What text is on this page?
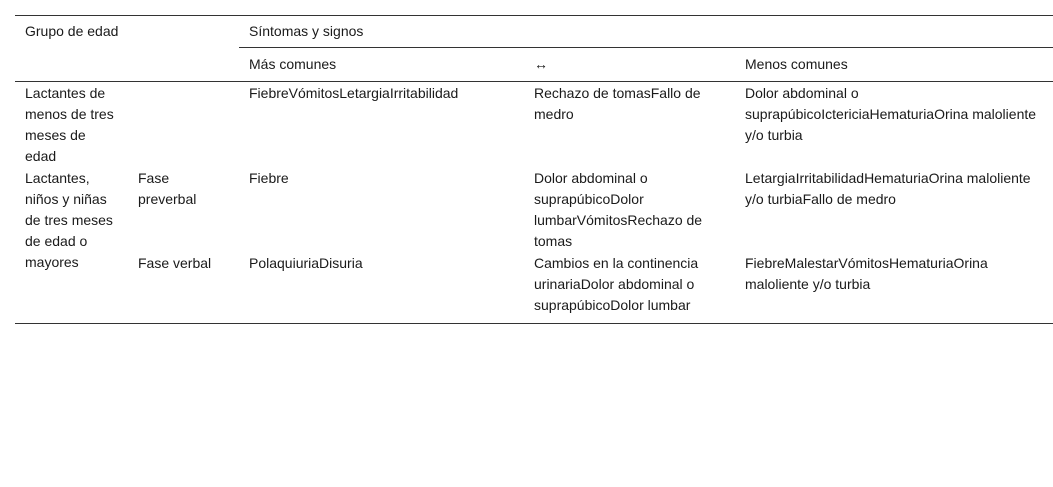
Grupo de edad		Síntomas y signos		
		Más comunes	↔	Menos comunes
Lactantes de menos de tres meses de edad		FiebreVómitosLetargiaIrritabilidad	Rechazo de tomasFallo de medro	Dolor abdominal o suprapúbicoIctericiaHematuriaOrina maloliente y/o turbia
Lactantes, niños y niñas de tres meses de edad o mayores	Fase preverbal	Fiebre	Dolor abdominal o suprapúbicoDolor lumbarVómitosRechazo de tomas	LetargiaIrritabilidadHematuriaOrina maloliente y/o turbiaFallo de medro
	Fase verbal	PolaquiuriaDisuria	Cambios en la continencia urinariaDolor abdominal o suprapúbicoDolor lumbar	FiebreMalestarVómitosHematuriaOrina maloliente y/o turbia
